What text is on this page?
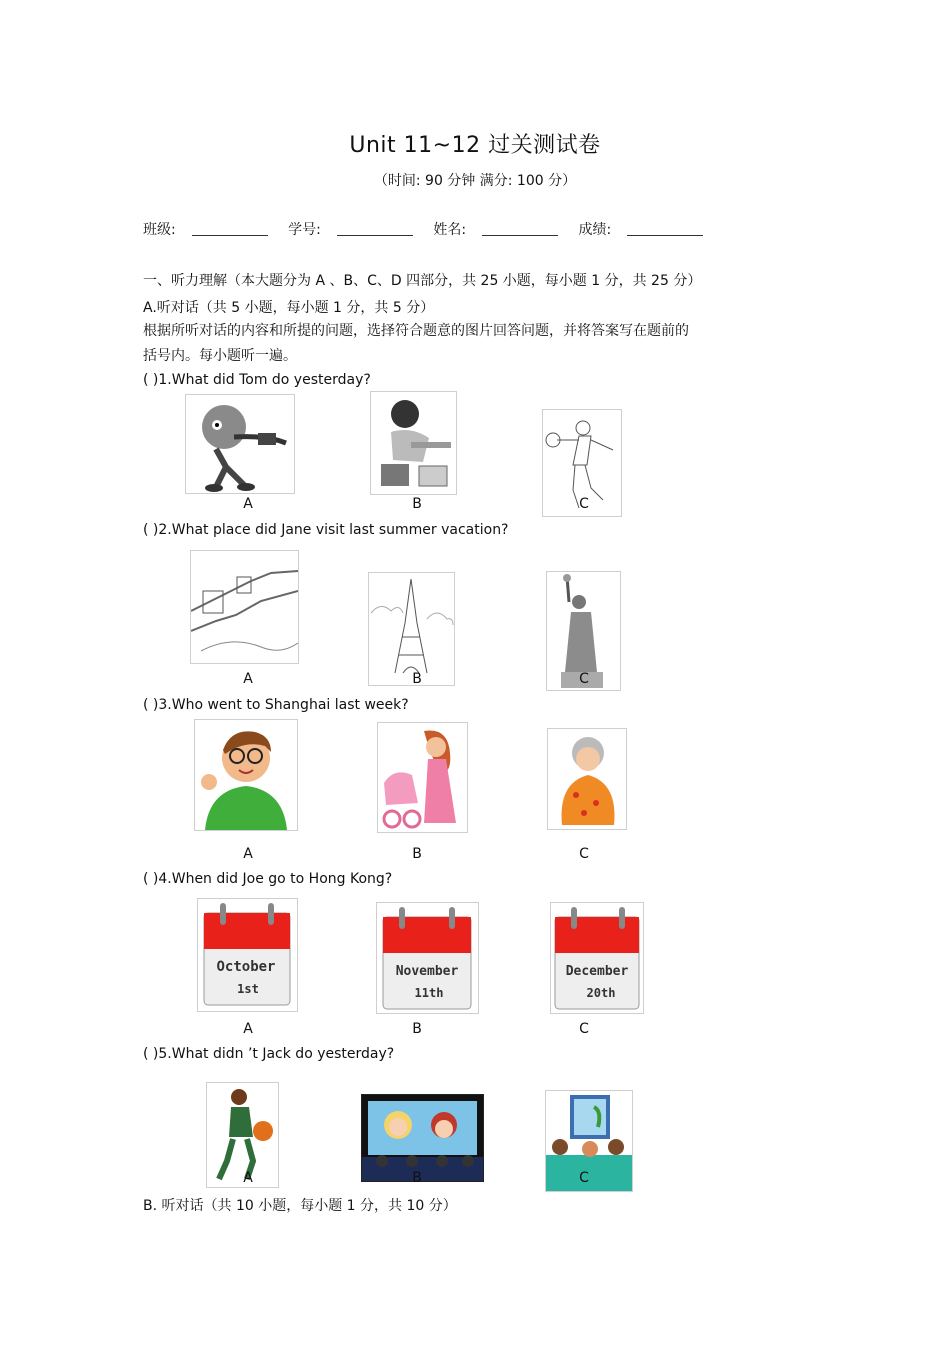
Unit 11~12 过关测试卷
（时间: 90 分钟 满分: 100 分）
班级:	学号:	姓名:	成绩:
一、听力理解（本大题分为 A 、B、C、D 四部分，共 25 小题，每小题 1 分，共 25 分）
A.听对话（共 5 小题，每小题 1 分，共 5 分）
根据所听对话的内容和所提的问题，选择符合题意的图片回答问题，并将答案写在题前的
括号内。每小题听一遍。
( )1.What did Tom do yesterday?
A	B	C
( )2.What place did Jane visit last summer vacation?
A	B	C
( )3.Who went to Shanghai last week?
A	B	C
( )4.When did Joe go to Hong Kong?
October
1st
November
11th
December
20th
A	B	C
( )5.What didn ’t Jack do yesterday?
A	B	C
B. 听对话（共 10 小题，每小题 1 分，共 10 分）
